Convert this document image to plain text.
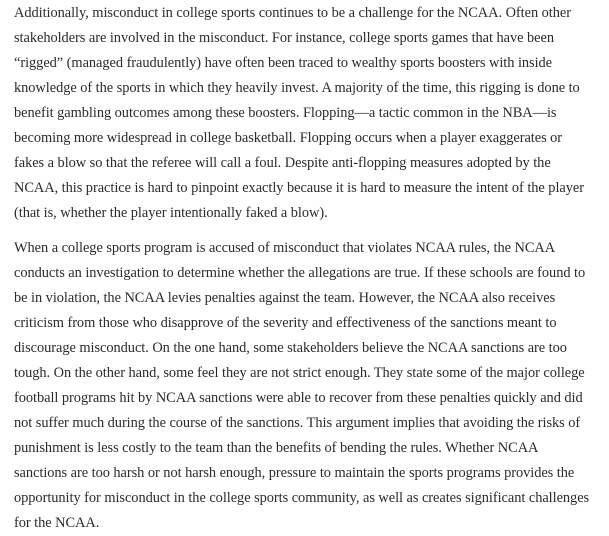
Additionally, misconduct in college sports continues to be a challenge for the NCAA. Often other stakeholders are involved in the misconduct. For instance, college sports games that have been “rigged” (managed fraudulently) have often been traced to wealthy sports boosters with inside knowledge of the sports in which they heavily invest. A majority of the time, this rigging is done to benefit gambling outcomes among these boosters. Flopping—a tactic common in the NBA—is becoming more widespread in college basketball. Flopping occurs when a player exaggerates or fakes a blow so that the referee will call a foul. Despite anti-flopping measures adopted by the NCAA, this practice is hard to pinpoint exactly because it is hard to measure the intent of the player (that is, whether the player intentionally faked a blow).

When a college sports program is accused of misconduct that violates NCAA rules, the NCAA conducts an investigation to determine whether the allegations are true. If these schools are found to be in violation, the NCAA levies penalties against the team. However, the NCAA also receives criticism from those who disapprove of the severity and effectiveness of the sanctions meant to discourage misconduct. On the one hand, some stakeholders believe the NCAA sanctions are too tough. On the other hand, some feel they are not strict enough. They state some of the major college football programs hit by NCAA sanctions were able to recover from these penalties quickly and did not suffer much during the course of the sanctions. This argument implies that avoiding the risks of punishment is less costly to the team than the benefits of bending the rules. Whether NCAA sanctions are too harsh or not harsh enough, pressure to maintain the sports programs provides the opportunity for misconduct in the college sports community, as well as creates significant challenges for the NCAA.
